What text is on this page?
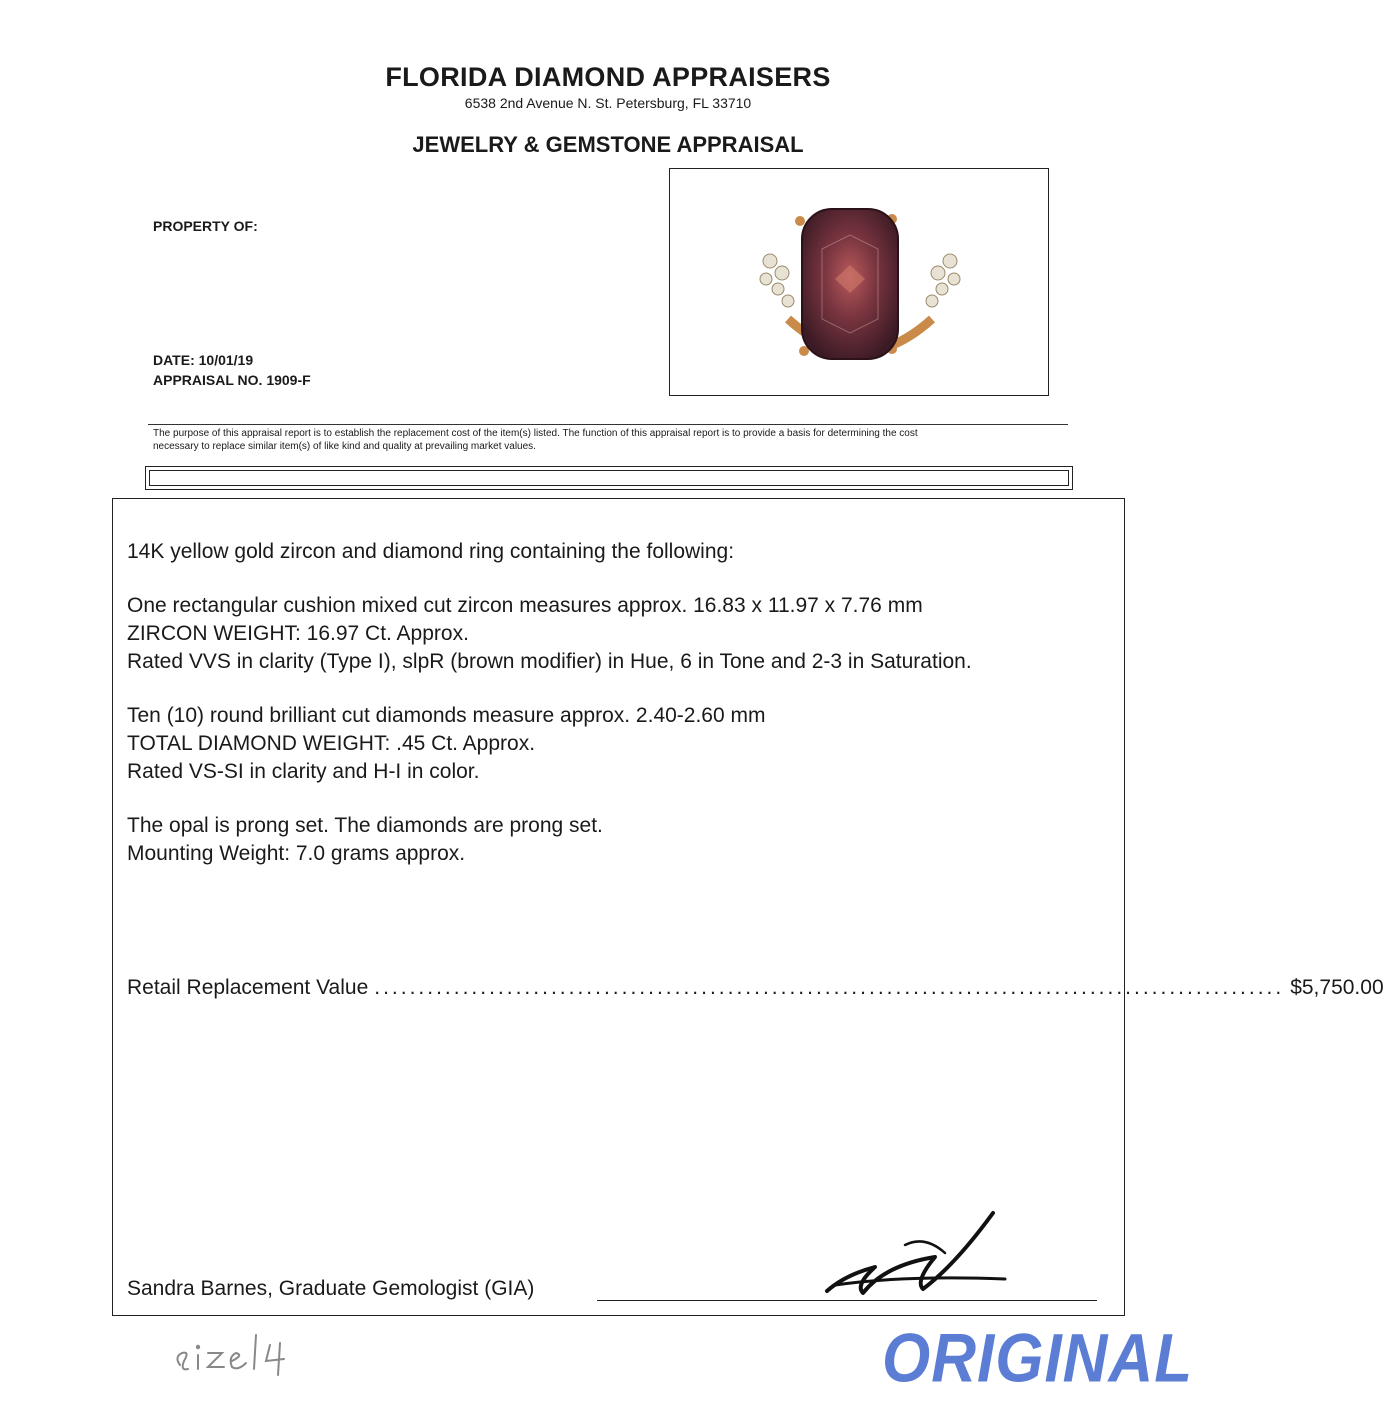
FLORIDA DIAMOND APPRAISERS
6538 2nd Avenue N. St. Petersburg, FL 33710
JEWELRY & GEMSTONE APPRAISAL
PROPERTY OF:
DATE: 10/01/19
APPRAISAL NO. 1909-F
The purpose of this appraisal report is to establish the replacement cost of the item(s) listed. The function of this appraisal report is to provide a basis for determining the cost
necessary to replace similar item(s) of like kind and quality at prevailing market values.
14K yellow gold zircon and diamond ring containing the following:
One rectangular cushion mixed cut zircon measures approx. 16.83 x 11.97 x 7.76 mm
ZIRCON WEIGHT: 16.97 Ct. Approx.
Rated VVS in clarity (Type I), slpR (brown modifier) in Hue, 6 in Tone and 2-3 in Saturation.
Ten (10) round brilliant cut diamonds measure approx. 2.40-2.60 mm
TOTAL DIAMOND WEIGHT: .45 Ct. Approx.
Rated VS-SI in clarity and H-I in color.
The opal is prong set. The diamonds are prong set.
Mounting Weight: 7.0 grams approx.
Retail Replacement Value ....................................................................................................... $5,750.00
Sandra Barnes, Graduate Gemologist (GIA)
ORIGINAL
